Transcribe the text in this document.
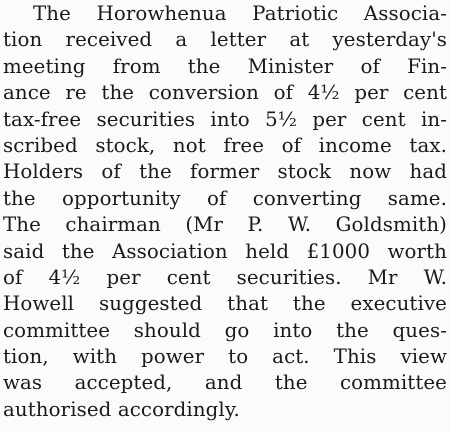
The Horowhenua Patriotic Associa-
tion received a letter at yesterday's
meeting from the Minister of Fin-
ance re the conversion of 4½ per cent
tax-free securities into 5½ per cent in-
scribed stock, not free of income tax.
Holders of the former stock now had
the opportunity of converting same.
The chairman (Mr P. W. Goldsmith)
said the Association held £1000 worth
of 4½ per cent securities. Mr W.
Howell suggested that the executive
committee should go into the ques-
tion, with power to act. This view
was accepted, and the committee
authorised accordingly.
